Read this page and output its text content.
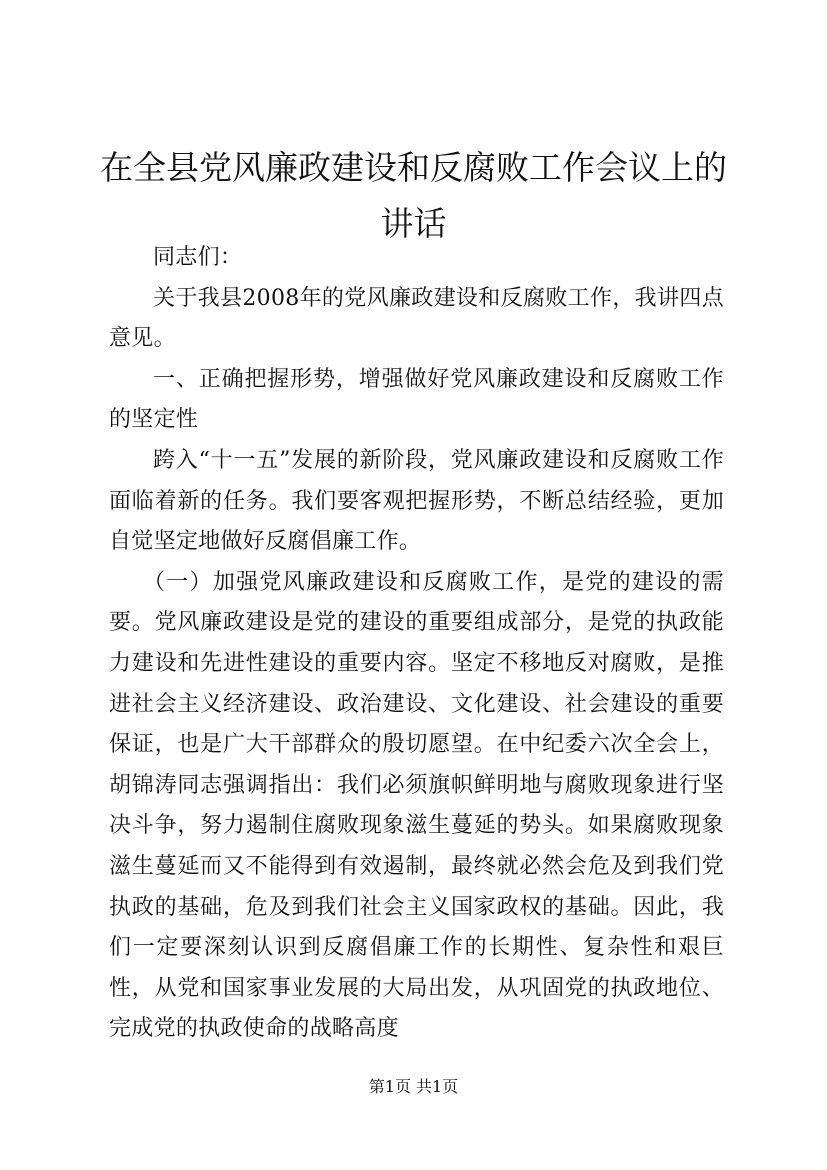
在全县党风廉政建设和反腐败工作会议上的讲话

同志们：

关于我县2008年的党风廉政建设和反腐败工作，我讲四点意见。

一、正确把握形势，增强做好党风廉政建设和反腐败工作的坚定性

跨入“十一五”发展的新阶段，党风廉政建设和反腐败工作面临着新的任务。我们要客观把握形势，不断总结经验，更加自觉坚定地做好反腐倡廉工作。

（一）加强党风廉政建设和反腐败工作，是党的建设的需要。党风廉政建设是党的建设的重要组成部分，是党的执政能力建设和先进性建设的重要内容。坚定不移地反对腐败，是推进社会主义经济建设、政治建设、文化建设、社会建设的重要保证，也是广大干部群众的殷切愿望。在中纪委六次全会上，胡锦涛同志强调指出：我们必须旗帜鲜明地与腐败现象进行坚决斗争，努力遏制住腐败现象滋生蔓延的势头。如果腐败现象滋生蔓延而又不能得到有效遏制，最终就必然会危及到我们党执政的基础，危及到我们社会主义国家政权的基础。因此，我们一定要深刻认识到反腐倡廉工作的长期性、复杂性和艰巨性，从党和国家事业发展的大局出发，从巩固党的执政地位、完成党的执政使命的战略高度

第1页 共1页
